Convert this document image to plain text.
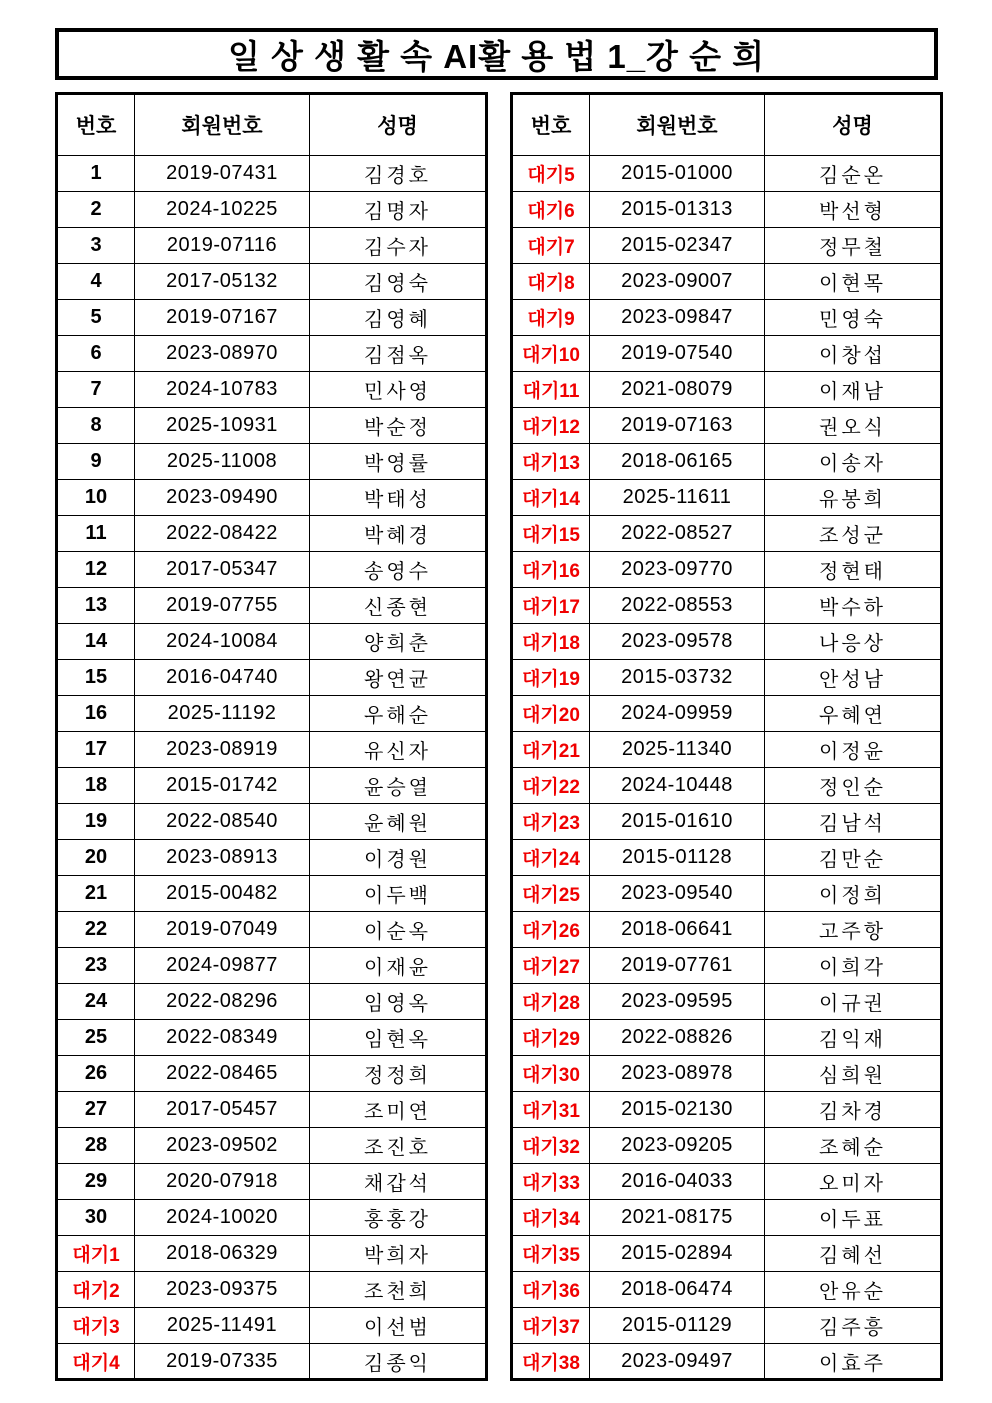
일 상 생 활 속 AI활 용 법 1_강 순 희
번호	회원번호	성명
1	2019-07431	김경호
2	2024-10225	김명자
3	2019-07116	김수자
4	2017-05132	김영숙
5	2019-07167	김영혜
6	2023-08970	김점옥
7	2024-10783	민사영
8	2025-10931	박순정
9	2025-11008	박영률
10	2023-09490	박태성
11	2022-08422	박혜경
12	2017-05347	송영수
13	2019-07755	신종현
14	2024-10084	양희춘
15	2016-04740	왕연균
16	2025-11192	우해순
17	2023-08919	유신자
18	2015-01742	윤승열
19	2022-08540	윤혜원
20	2023-08913	이경원
21	2015-00482	이두백
22	2019-07049	이순옥
23	2024-09877	이재윤
24	2022-08296	임영옥
25	2022-08349	임현옥
26	2022-08465	정정희
27	2017-05457	조미연
28	2023-09502	조진호
29	2020-07918	채갑석
30	2024-10020	홍홍강
대기1	2018-06329	박희자
대기2	2023-09375	조천희
대기3	2025-11491	이선범
대기4	2019-07335	김종익
번호	회원번호	성명
대기5	2015-01000	김순온
대기6	2015-01313	박선형
대기7	2015-02347	정무철
대기8	2023-09007	이현목
대기9	2023-09847	민영숙
대기10	2019-07540	이창섭
대기11	2021-08079	이재남
대기12	2019-07163	권오식
대기13	2018-06165	이송자
대기14	2025-11611	유봉희
대기15	2022-08527	조성군
대기16	2023-09770	정현태
대기17	2022-08553	박수하
대기18	2023-09578	나응상
대기19	2015-03732	안성남
대기20	2024-09959	우혜연
대기21	2025-11340	이정윤
대기22	2024-10448	정인순
대기23	2015-01610	김남석
대기24	2015-01128	김만순
대기25	2023-09540	이정희
대기26	2018-06641	고주항
대기27	2019-07761	이희각
대기28	2023-09595	이규권
대기29	2022-08826	김익재
대기30	2023-08978	심희원
대기31	2015-02130	김차경
대기32	2023-09205	조혜순
대기33	2016-04033	오미자
대기34	2021-08175	이두표
대기35	2015-02894	김혜선
대기36	2018-06474	안유순
대기37	2015-01129	김주흥
대기38	2023-09497	이효주
